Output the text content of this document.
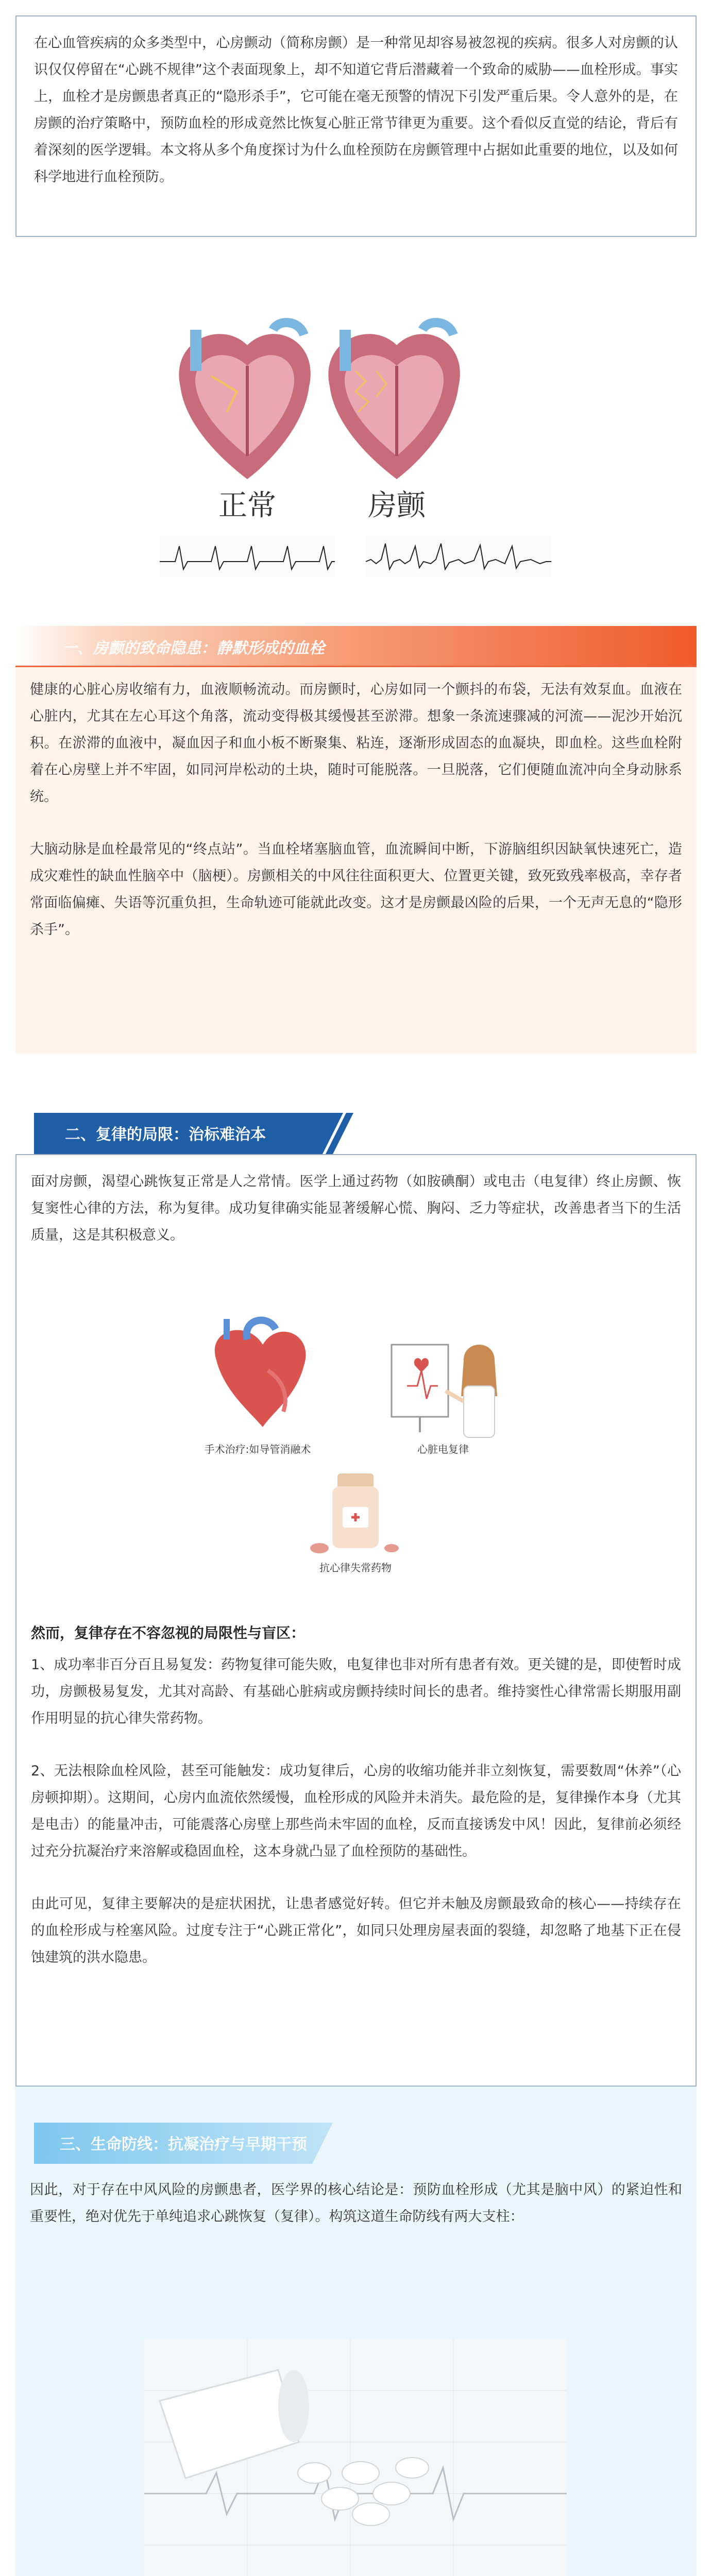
在心血管疾病的众多类型中，心房颤动（简称房颤）是一种常见却容易被忽视的疾病。很多人对房颤的认识仅仅停留在“心跳不规律”这个表面现象上，却不知道它背后潜藏着一个致命的威胁——血栓形成。事实上，血栓才是房颤患者真正的“隐形杀手”，它可能在毫无预警的情况下引发严重后果。令人意外的是，在房颤的治疗策略中，预防血栓的形成竟然比恢复心脏正常节律更为重要。这个看似反直觉的结论，背后有着深刻的医学逻辑。本文将从多个角度探讨为什么血栓预防在房颤管理中占据如此重要的地位，以及如何科学地进行血栓预防。

正常	房颤
一、房颤的致命隐患：静默形成的血栓

健康的心脏心房收缩有力，血液顺畅流动。而房颤时，心房如同一个颤抖的布袋，无法有效泵血。血液在心脏内，尤其在左心耳这个角落，流动变得极其缓慢甚至淤滞。想象一条流速骤减的河流——泥沙开始沉积。在淤滞的血液中，凝血因子和血小板不断聚集、粘连，逐渐形成固态的血凝块，即血栓。这些血栓附着在心房壁上并不牢固，如同河岸松动的土块，随时可能脱落。一旦脱落，它们便随血流冲向全身动脉系统。

大脑动脉是血栓最常见的“终点站”。当血栓堵塞脑血管，血流瞬间中断，下游脑组织因缺氧快速死亡，造成灾难性的缺血性脑卒中（脑梗）。房颤相关的中风往往面积更大、位置更关键，致死致残率极高，幸存者常面临偏瘫、失语等沉重负担，生命轨迹可能就此改变。这才是房颤最凶险的后果，一个无声无息的“隐形杀手”。

二、复律的局限：治标难治本

面对房颤，渴望心跳恢复正常是人之常情。医学上通过药物（如胺碘酮）或电击（电复律）终止房颤、恢复窦性心律的方法，称为复律。成功复律确实能显著缓解心慌、胸闷、乏力等症状，改善患者当下的生活质量，这是其积极意义。

然而，复律存在不容忽视的局限性与盲区：

1、成功率非百分百且易复发：药物复律可能失败，电复律也非对所有患者有效。更关键的是，即使暂时成功，房颤极易复发，尤其对高龄、有基础心脏病或房颤持续时间长的患者。维持窦性心律常需长期服用副作用明显的抗心律失常药物。

2、无法根除血栓风险，甚至可能触发：成功复律后，心房的收缩功能并非立刻恢复，需要数周“休养”（心房顿抑期）。这期间，心房内血流依然缓慢，血栓形成的风险并未消失。最危险的是，复律操作本身（尤其是电击）的能量冲击，可能震落心房壁上那些尚未牢固的血栓，反而直接诱发中风！因此，复律前必须经过充分抗凝治疗来溶解或稳固血栓，这本身就凸显了血栓预防的基础性。

由此可见，复律主要解决的是症状困扰，让患者感觉好转。但它并未触及房颤最致命的核心——持续存在的血栓形成与栓塞风险。过度专注于“心跳正常化”，如同只处理房屋表面的裂缝，却忽略了地基下正在侵蚀建筑的洪水隐患。

手术治疗:如导管消融术	心脏电复律
抗心律失常药物
三、生命防线：抗凝治疗与早期干预

因此，对于存在中风风险的房颤患者，医学界的核心结论是：预防血栓形成（尤其是脑中风）的紧迫性和重要性，绝对优先于单纯追求心跳恢复（复律）。构筑这道生命防线有两大支柱：
